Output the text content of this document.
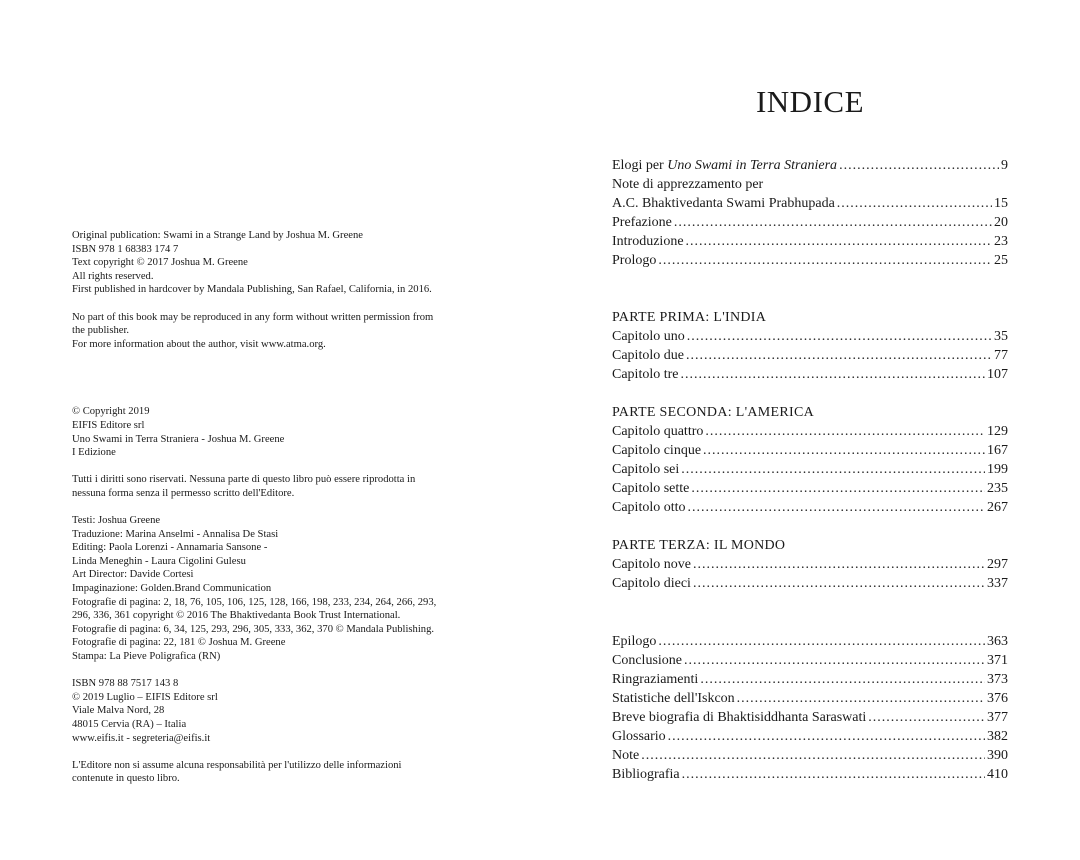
Original publication: Swami in a Strange Land by Joshua M. Greene
ISBN 978 1 68383 174 7
Text copyright © 2017 Joshua M. Greene
All rights reserved.
First published in hardcover by Mandala Publishing, San Rafael, California, in 2016.
No part of this book may be reproduced in any form without written permission from
the publisher.
For more information about the author, visit www.atma.org.
© Copyright 2019
EIFIS Editore srl
Uno Swami in Terra Straniera - Joshua M. Greene
I Edizione
Tutti i diritti sono riservati. Nessuna parte di questo libro può essere riprodotta in
nessuna forma senza il permesso scritto dell'Editore.
Testi: Joshua Greene
Traduzione: Marina Anselmi - Annalisa De Stasi
Editing: Paola Lorenzi - Annamaria Sansone -
Linda Meneghin - Laura Cigolini Gulesu
Art Director: Davide Cortesi
Impaginazione: Golden.Brand Communication
Fotografie di pagina: 2, 18, 76, 105, 106, 125, 128, 166, 198, 233, 234, 264, 266, 293,
296, 336, 361 copyright © 2016 The Bhaktivedanta Book Trust International.
Fotografie di pagina: 6, 34, 125, 293, 296, 305, 333, 362, 370 © Mandala Publishing.
Fotografie di pagina: 22, 181 © Joshua M. Greene
Stampa: La Pieve Poligrafica (RN)
ISBN 978 88 7517 143 8
© 2019 Luglio – EIFIS Editore srl
Viale Malva Nord, 28
48015 Cervia (RA) – Italia
www.eifis.it - segreteria@eifis.it
L'Editore non si assume alcuna responsabilità per l'utilizzo delle informazioni
contenute in questo libro.
INDICE
Elogi per Uno Swami in Terra Straniera .....	9
Note di apprezzamento per
A.C. Bhaktivedanta Swami Prabhupada .....	15
Prefazione .....	20
Introduzione .....	23
Prologo .....	25
PARTE PRIMA: L'INDIA
Capitolo uno .....	35
Capitolo due .....	77
Capitolo tre .....	107
PARTE SECONDA: L'AMERICA
Capitolo quattro .....	129
Capitolo cinque .....	167
Capitolo sei .....	199
Capitolo sette .....	235
Capitolo otto .....	267
PARTE TERZA: IL MONDO
Capitolo nove .....	297
Capitolo dieci .....	337
Epilogo .....	363
Conclusione .....	371
Ringraziamenti .....	373
Statistiche dell'Iskcon .....	376
Breve biografia di Bhaktisiddhanta Saraswati .....	377
Glossario .....	382
Note .....	390
Bibliografia .....	410
